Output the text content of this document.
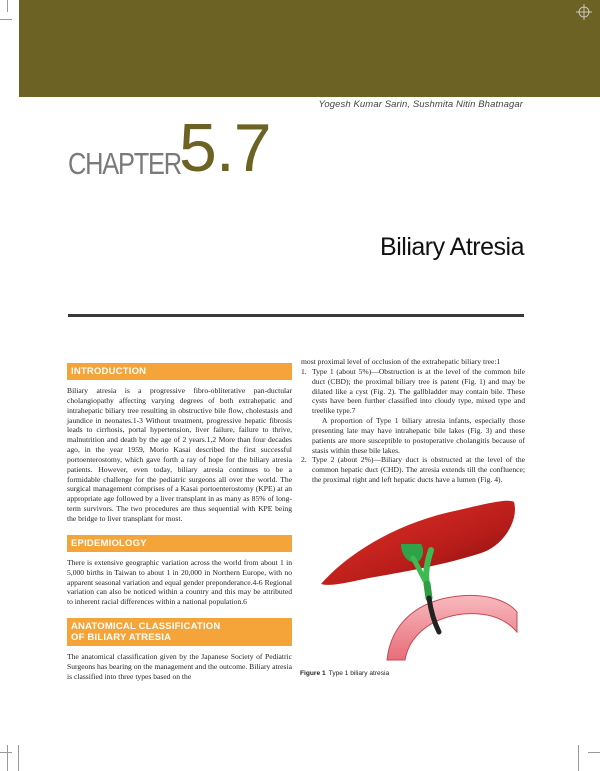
Yogesh Kumar Sarin, Sushmita Nitin Bhatnagar
CHAPTER
5.7
Biliary Atresia
INTRODUCTION

Biliary atresia is a progressive fibro-obliterative pan-ductular cholangiopathy affecting varying degrees of both extrahepatic and intrahepatic biliary tree resulting in obstructive bile flow, cholestasis and jaundice in neonates.1-3 Without treatment, progressive hepatic fibrosis leads to cirrhosis, portal hypertension, liver failure, failure to thrive, malnutrition and death by the age of 2 years.1,2 More than four decades ago, in the year 1959, Morio Kasai described the first successful portoenterostomy, which gave forth a ray of hope for the biliary atresia patients. However, even today, biliary atresia continues to be a formidable challenge for the pediatric surgeons all over the world. The surgical management comprises of a Kasai portoenterostomy (KPE) at an appropriate age followed by a liver transplant in as many as 85% of long-term survivors. The two procedures are thus sequential with KPE being the bridge to liver transplant for most.

EPIDEMIOLOGY

There is extensive geographic variation across the world from about 1 in 5,000 births in Taiwan to about 1 in 20,000 in Northern Europe, with no apparent seasonal variation and equal gender preponderance.4-6 Regional variation can also be noticed within a country and this may be attributed to inherent racial differences within a national population.6

ANATOMICAL CLASSIFICATION
OF BILIARY ATRESIA

The anatomical classification given by the Japanese Society of Pediatric Surgeons has bearing on the management and the outcome. Biliary atresia is classified into three types based on the

most proximal level of occlusion of the extrahepatic biliary tree:1

1. Type 1 (about 5%)—Obstruction is at the level of the common bile duct (CBD); the proximal biliary tree is patent (Fig. 1) and may be dilated like a cyst (Fig. 2). The gallbladder may contain bile. These cysts have been further classified into cloudy type, mixed type and treelike type.7
A proportion of Type 1 biliary atresia infants, especially those presenting late may have intrahepatic bile lakes (Fig. 3) and these patients are more susceptible to postoperative cholangitis because of stasis within these bile lakes.
2. Type 2 (about 2%)—Biliary duct is obstructed at the level of the common hepatic duct (CHD). The atresia extends till the confluence; the proximal right and left hepatic ducts have a lumen (Fig. 4).
Figure 1 Type 1 biliary atresia
